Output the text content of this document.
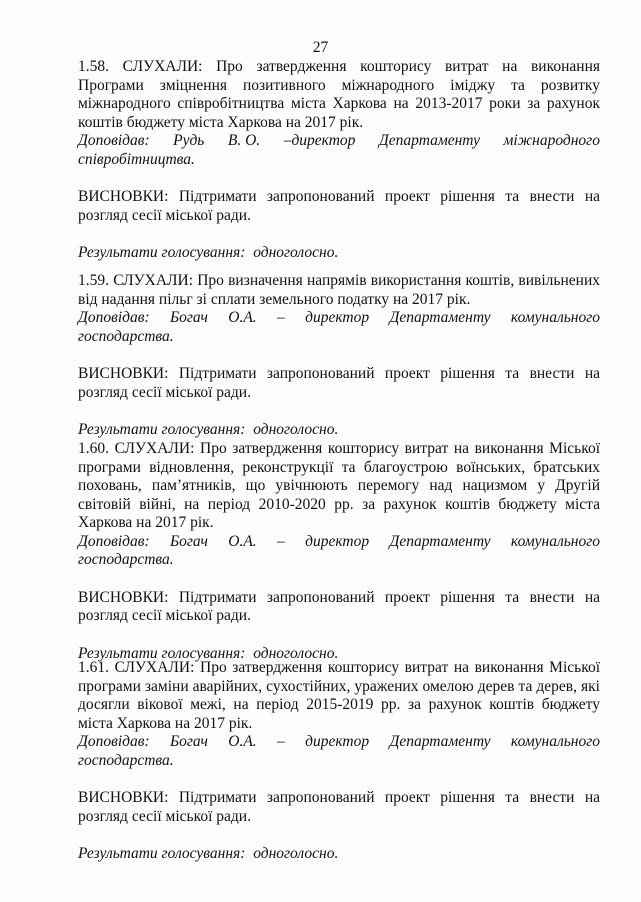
27

1.58. СЛУХАЛИ: Про затвердження кошторису витрат на виконання Програми зміцнення позитивного міжнародного іміджу та розвитку міжнародного співробітництва міста Харкова на 2013-2017 роки за рахунок коштів бюджету міста Харкова на 2017 рік.

Доповідав: Рудь В. О. –директор Департаменту міжнародного

співробітництва.

ВИСНОВКИ: Підтримати запропонований проект рішення та внести на розгляд сесії міської ради.

Результати голосування: одноголосно.

1.59. СЛУХАЛИ: Про визначення напрямів використання коштів, вивільнених від надання пільг зі сплати земельного податку на 2017 рік.

Доповідав: Богач О.А. – директор Департаменту комунального господарства.

ВИСНОВКИ: Підтримати запропонований проект рішення та внести на розгляд сесії міської ради.

Результати голосування: одноголосно.

1.60. СЛУХАЛИ: Про затвердження кошторису витрат на виконання Міської програми відновлення, реконструкції та благоустрою воїнських, братських поховань, пам’ятників, що увічнюють перемогу над нацизмом у Другій світовій війні, на період 2010-2020 рр. за рахунок коштів бюджету міста Харкова на 2017 рік.

Доповідав: Богач О.А. – директор Департаменту комунального господарства.

ВИСНОВКИ: Підтримати запропонований проект рішення та внести на розгляд сесії міської ради.

Результати голосування: одноголосно.

1.61. СЛУХАЛИ: Про затвердження кошторису витрат на виконання Міської програми заміни аварійних, сухостійних, уражених омелою дерев та дерев, які досягли вікової межі, на період 2015-2019 рр. за рахунок коштів бюджету міста Харкова на 2017 рік.

Доповідав: Богач О.А. – директор Департаменту комунального господарства.

ВИСНОВКИ: Підтримати запропонований проект рішення та внести на розгляд сесії міської ради.

Результати голосування: одноголосно.
